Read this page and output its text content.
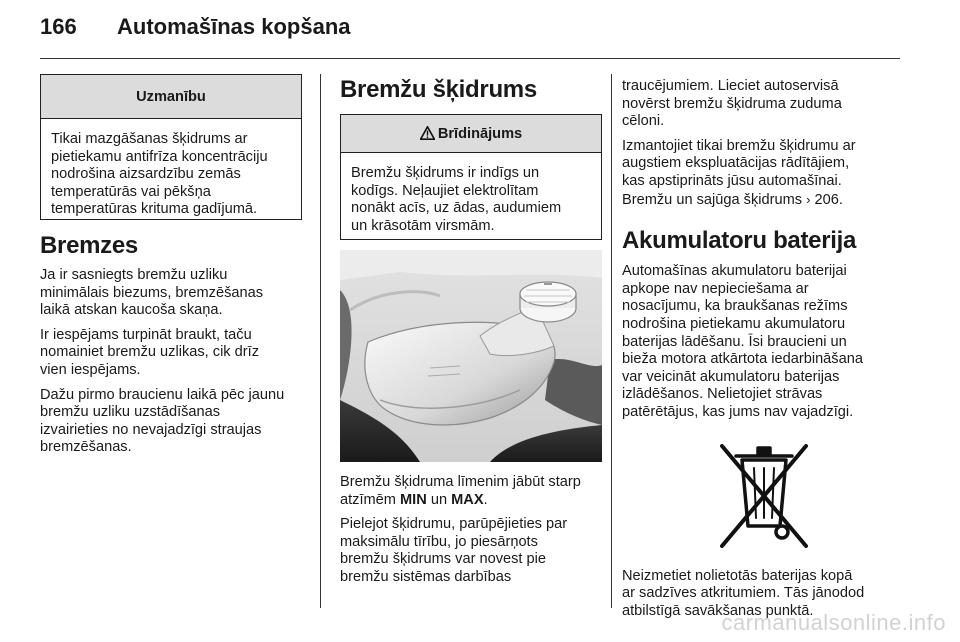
166 Automašīnas kopšana
Uzmanību

Tikai mazgāšanas šķidrums ar
pietiekamu antifrīza koncentrāciju
nodrošina aizsardzību zemās
temperatūrās vai pēkšņa
temperatūras krituma gadījumā.

Bremzes

Ja ir sasniegts bremžu uzliku
minimālais biezums, bremzēšanas
laikā atskan kaucoša skaņa.

Ir iespējams turpināt braukt, taču
nomainiet bremžu uzlikas, cik drīz
vien iespējams.

Dažu pirmo braucienu laikā pēc jaunu
bremžu uzliku uzstādīšanas
izvairieties no nevajadzīgi straujas
bremzēšanas.

Bremžu šķidrums
Brīdinājums

Bremžu šķidrums ir indīgs un
kodīgs. Neļaujiet elektrolītam
nonākt acīs, uz ādas, audumiem
un krāsotām virsmām.

Bremžu šķidruma līmenim jābūt starp
atzīmēm MIN un MAX.

Pielejot šķidrumu, parūpējieties par
maksimālu tīrību, jo piesārņots
bremžu šķidrums var novest pie
bremžu sistēmas darbības

traucējumiem. Lieciet autoservisā
novērst bremžu šķidruma zuduma
cēloni.

Izmantojiet tikai bremžu šķidrumu ar
augstiem ekspluatācijas rādītājiem,
kas apstiprināts jūsu automašīnai.
Bremžu un sajūga šķidrums › 206.

Akumulatoru baterija

Automašīnas akumulatoru baterijai
apkope nav nepieciešama ar
nosacījumu, ka braukšanas režīms
nodrošina pietiekamu akumulatoru
baterijas lādēšanu. Īsi braucieni un
bieža motora atkārtota iedarbināšana
var veicināt akumulatoru baterijas
izlādēšanos. Nelietojiet strāvas
patērētājus, kas jums nav vajadzīgi.

Neizmetiet nolietotās baterijas kopā
ar sadzīves atkritumiem. Tās jānodod
atbilstīgā savākšanas punktā.

carmanualsonline.info
